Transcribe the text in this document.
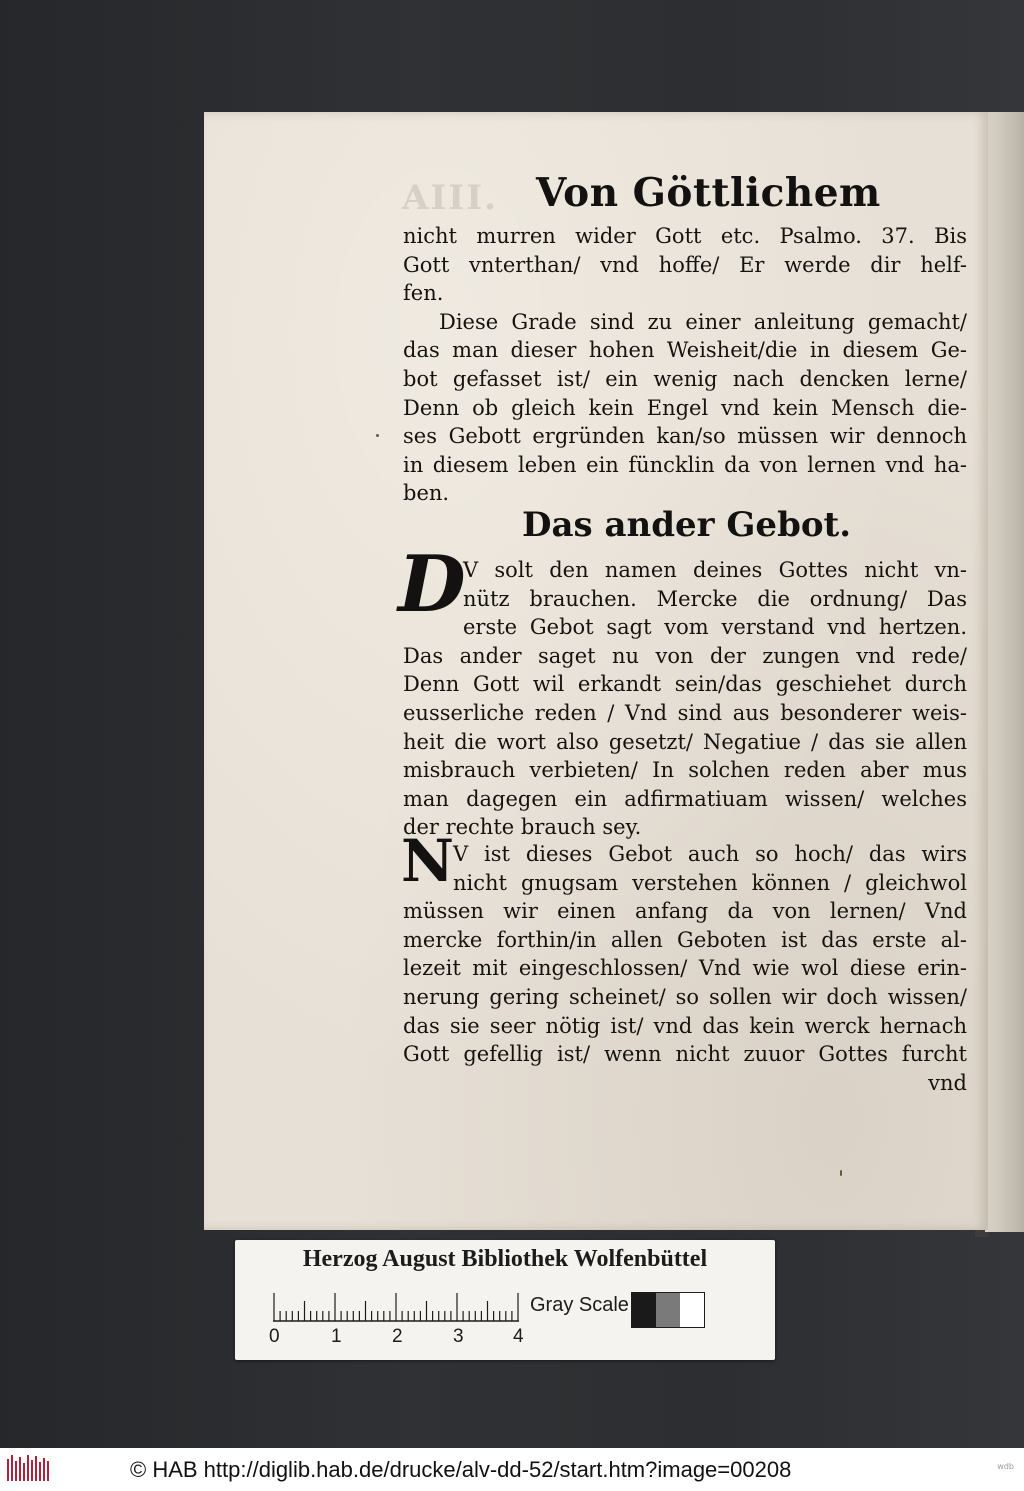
AIII. Von Göttlichem
nicht murren wider Gott etc. Psalmo. 37. Bis
Gott vnterthan/ vnd hoffe/ Er werde dir helf-
fen.
Diese Grade sind zu einer anleitung gemacht/
das man dieser hohen Weisheit/die in diesem Ge-
bot gefasset ist/ ein wenig nach dencken lerne/
Denn ob gleich kein Engel vnd kein Mensch die-
ses Gebott ergründen kan/so müssen wir dennoch
in diesem leben ein füncklin da von lernen vnd ha-
ben.
Das ander Gebot.
D
V solt den namen deines Gottes nicht vn-
nütz brauchen. Mercke die ordnung/ Das
erste Gebot sagt vom verstand vnd hertzen.
Das ander saget nu von der zungen vnd rede/
Denn Gott wil erkandt sein/das geschiehet durch
eusserliche reden / Vnd sind aus besonderer weis-
heit die wort also gesetzt/ Negatiue / das sie allen
misbrauch verbieten/ In solchen reden aber mus
man dagegen ein adfirmatiuam wissen/ welches
der rechte brauch sey.
N
V ist dieses Gebot auch so hoch/ das wirs
nicht gnugsam verstehen können / gleichwol
müssen wir einen anfang da von lernen/ Vnd
mercke forthin/in allen Geboten ist das erste al-
lezeit mit eingeschlossen/ Vnd wie wol diese erin-
nerung gering scheinet/ so sollen wir doch wissen/
das sie seer nötig ist/ vnd das kein werck hernach
Gott gefellig ist/ wenn nicht zuuor Gottes furcht
vnd
Herzog August Bibliothek Wolfenbüttel
0	1	2	3	4
Gray Scale
© HAB http://diglib.hab.de/drucke/alv-dd-52/start.htm?image=00208	wdb
